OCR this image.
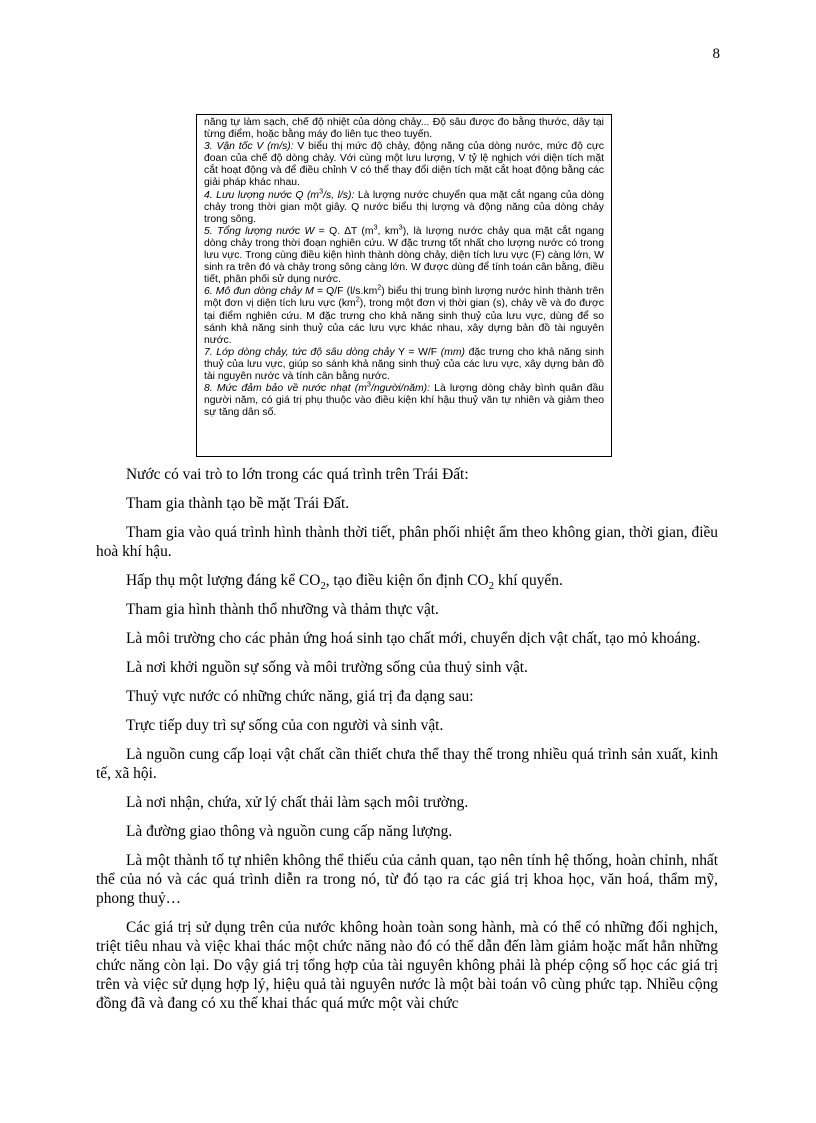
8

năng tự làm sạch, chế độ nhiệt của dòng chảy... Độ sâu được đo bằng thước, dây tại từng điểm, hoặc bằng máy đo liên tục theo tuyến.

3. Vận tốc V (m/s): V biểu thị mức độ chảy, động năng của dòng nước, mức độ cực đoan của chế độ dòng chảy. Với cùng một lưu lượng, V tỷ lệ nghịch với diện tích mặt cắt hoạt động và để điều chỉnh V có thể thay đổi diện tích mặt cắt hoạt động bằng các giải pháp khác nhau.

4. Lưu lượng nước Q ($m^3/s$, l/s): Là lượng nước chuyển qua mặt cắt ngang của dòng chảy trong thời gian một giây. Q nước biểu thị lượng và động năng của dòng chảy trong sông.

5. Tổng lượng nước W = Q. ∆T ($m^3$, $km^3$), là lượng nước chảy qua mặt cắt ngang dòng chảy trong thời đoạn nghiên cứu. W đặc trưng tốt nhất cho lượng nước có trong lưu vực. Trong cùng điều kiện hình thành dòng chảy, diện tích lưu vực (F) càng lớn, W sinh ra trên đó và chảy trong sông càng lớn. W được dùng để tính toán cân bằng, điều tiết, phân phối sử dụng nước.

6. Mô đun dòng chảy M = Q/F $(l/s.km^2)$ biểu thị trung bình lượng nước hình thành trên một đơn vị diện tích lưu vực $(km^2)$, trong một đơn vị thời gian (s), chảy về và đo được tại điểm nghiên cứu. M đặc trưng cho khả năng sinh thuỷ của lưu vực, dùng để so sánh khả năng sinh thuỷ của các lưu vực khác nhau, xây dựng bản đồ tài nguyên nước.

7. Lớp dòng chảy, tức độ sâu dòng chảy Y = W/F (mm) đặc trưng cho khả năng sinh thuỷ của lưu vực, giúp so sánh khả năng sinh thuỷ của các lưu vực, xây dựng bản đồ tài nguyên nước và tính cân bằng nước.

8. Mức đảm bảo về nước nhạt $(m^3/người/năm)$: Là lượng dòng chảy bình quân đầu người năm, có giá trị phụ thuộc vào điều kiện khí hậu thuỷ văn tự nhiên và giảm theo sự tăng dân số.

Nước có vai trò to lớn trong các quá trình trên Trái Đất:

Tham gia thành tạo bề mặt Trái Đất.

Tham gia vào quá trình hình thành thời tiết, phân phối nhiệt ẩm theo không gian, thời gian, điều hoà khí hậu.

Hấp thụ một lượng đáng kể $CO_2$, tạo điều kiện ổn định $CO_2$ khí quyển.

Tham gia hình thành thổ nhưỡng và thảm thực vật.

Là môi trường cho các phản ứng hoá sinh tạo chất mới, chuyển dịch vật chất, tạo mỏ khoáng.

Là nơi khởi nguồn sự sống và môi trường sống của thuỷ sinh vật.

Thuỷ vực nước có những chức năng, giá trị đa dạng sau:

Trực tiếp duy trì sự sống của con người và sinh vật.

Là nguồn cung cấp loại vật chất cần thiết chưa thể thay thế trong nhiều quá trình sản xuất, kinh tế, xã hội.

Là nơi nhận, chứa, xử lý chất thải làm sạch môi trường.

Là đường giao thông và nguồn cung cấp năng lượng.

Là một thành tố tự nhiên không thể thiếu của cảnh quan, tạo nên tính hệ thống, hoàn chỉnh, nhất thể của nó và các quá trình diễn ra trong nó, từ đó tạo ra các giá trị khoa học, văn hoá, thẩm mỹ, phong thuỷ…

Các giá trị sử dụng trên của nước không hoàn toàn song hành, mà có thể có những đối nghịch, triệt tiêu nhau và việc khai thác một chức năng nào đó có thể dẫn đến làm giảm hoặc mất hẳn những chức năng còn lại. Do vậy giá trị tổng hợp của tài nguyên không phải là phép cộng số học các giá trị trên và việc sử dụng hợp lý, hiệu quả tài nguyên nước là một bài toán vô cùng phức tạp. Nhiều cộng đồng đã và đang có xu thế khai thác quá mức một vài chức
